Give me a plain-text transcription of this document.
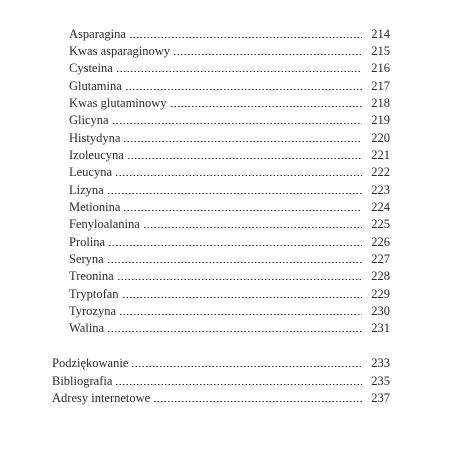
Asparagina	214
Kwas asparaginowy	215
Cysteina	216
Glutamina	217
Kwas glutaminowy	218
Glicyna	219
Histydyna	220
Izoleucyna	221
Leucyna	222
Lizyna	223
Metionina	224
Fenyloalanina	225
Prolina	226
Seryna	227
Treonina	228
Tryptofan	229
Tyrozyna	230
Walina	231
Podziękowanie	233
Bibliografia	235
Adresy internetowe	237
